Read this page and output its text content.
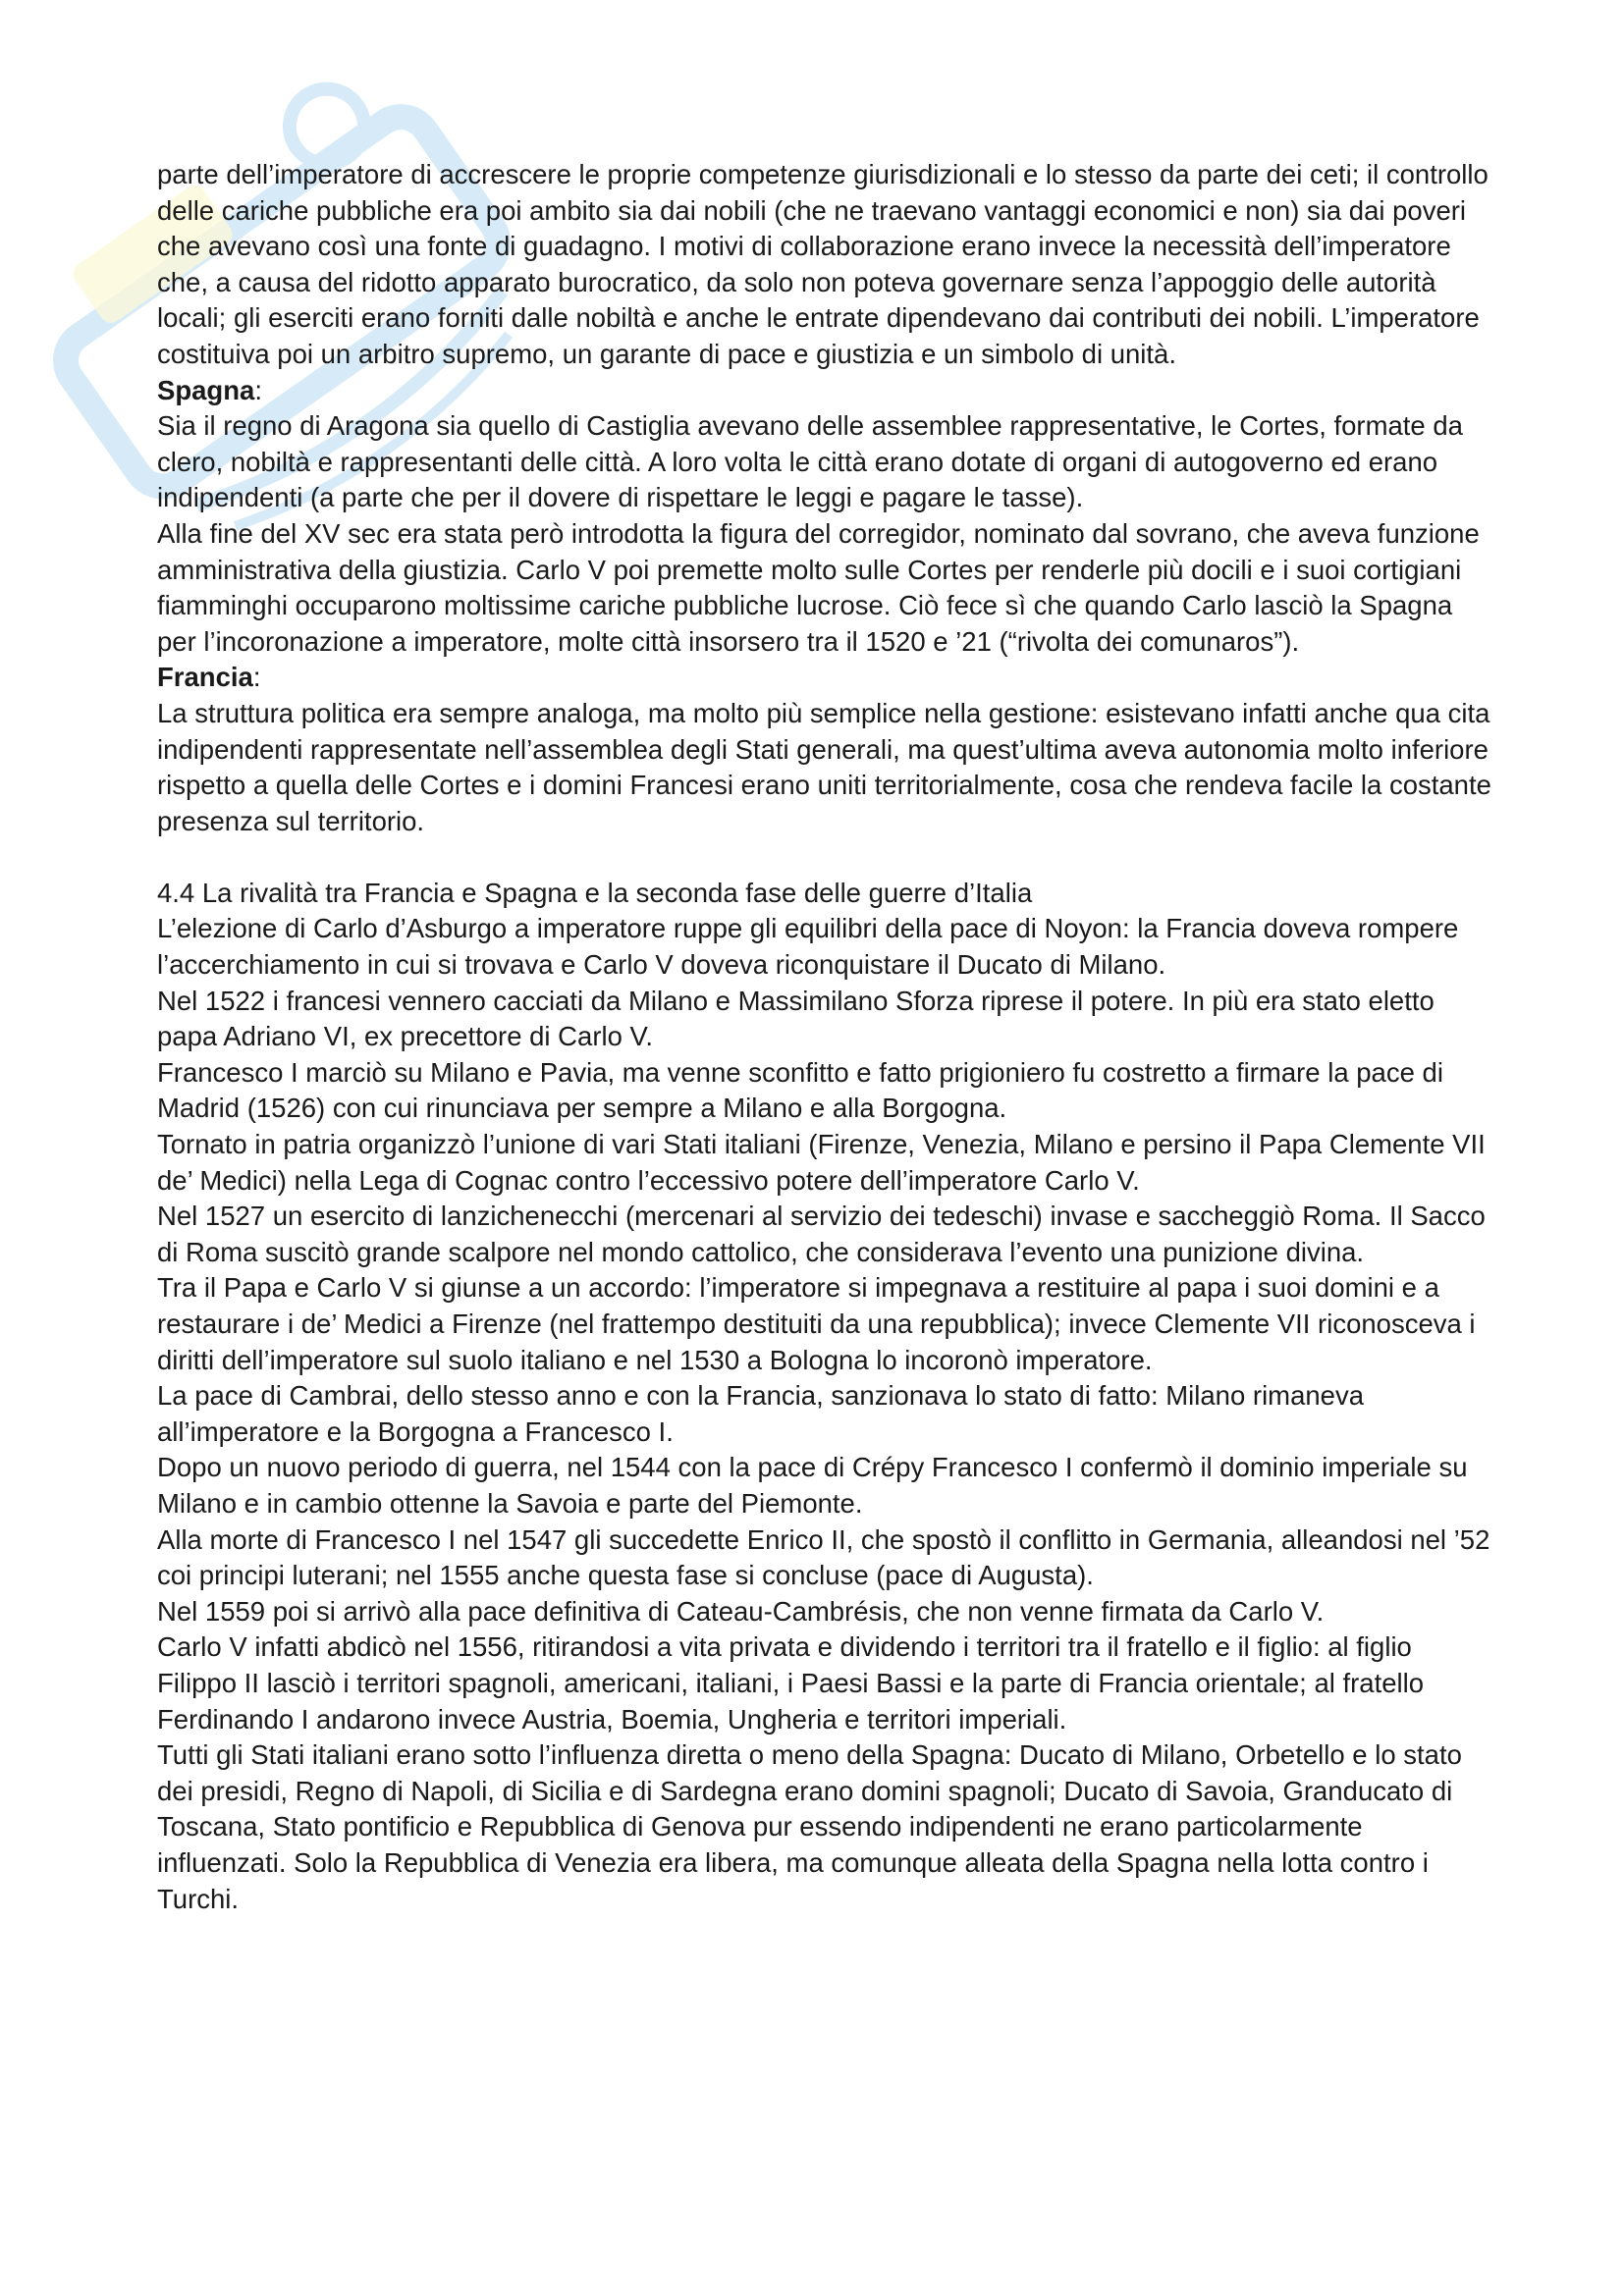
parte dell’imperatore di accrescere le proprie competenze giurisdizionali e lo stesso da parte dei ceti; il controllo delle cariche pubbliche era poi ambito sia dai nobili (che ne traevano vantaggi economici e non) sia dai poveri che avevano così una fonte di guadagno. I motivi di collaborazione erano invece la necessità dell’imperatore che, a causa del ridotto apparato burocratico, da solo non poteva governare senza l’appoggio delle autorità locali; gli eserciti erano forniti dalle nobiltà e anche le entrate dipendevano dai contributi dei nobili. L’imperatore costituiva poi un arbitro supremo, un garante di pace e giustizia e un simbolo di unità.

Spagna:

Sia il regno di Aragona sia quello di Castiglia avevano delle assemblee rappresentative, le Cortes, formate da clero, nobiltà e rappresentanti delle città. A loro volta le città erano dotate di organi di autogoverno ed erano indipendenti (a parte che per il dovere di rispettare le leggi e pagare le tasse).

Alla fine del XV sec era stata però introdotta la figura del corregidor, nominato dal sovrano, che aveva funzione amministrativa della giustizia. Carlo V poi premette molto sulle Cortes per renderle più docili e i suoi cortigiani fiamminghi occuparono moltissime cariche pubbliche lucrose. Ciò fece sì che quando Carlo lasciò la Spagna per l’incoronazione a imperatore, molte città insorsero tra il 1520 e ’21 (“rivolta dei comunaros”).

Francia:

La struttura politica era sempre analoga, ma molto più semplice nella gestione: esistevano infatti anche qua cita indipendenti rappresentate nell’assemblea degli Stati generali, ma quest’ultima aveva autonomia molto inferiore rispetto a quella delle Cortes e i domini Francesi erano uniti territorialmente, cosa che rendeva facile la costante presenza sul territorio.

4.4 La rivalità tra Francia e Spagna e la seconda fase delle guerre d’Italia

L’elezione di Carlo d’Asburgo a imperatore ruppe gli equilibri della pace di Noyon: la Francia doveva rompere l’accerchiamento in cui si trovava e Carlo V doveva riconquistare il Ducato di Milano.

Nel 1522 i francesi vennero cacciati da Milano e Massimilano Sforza riprese il potere. In più era stato eletto papa Adriano VI, ex precettore di Carlo V.

Francesco I marciò su Milano e Pavia, ma venne sconfitto e fatto prigioniero fu costretto a firmare la pace di Madrid (1526) con cui rinunciava per sempre a Milano e alla Borgogna.

Tornato in patria organizzò l’unione di vari Stati italiani (Firenze, Venezia, Milano e persino il Papa Clemente VII de’ Medici) nella Lega di Cognac contro l’eccessivo potere dell’imperatore Carlo V.

Nel 1527 un esercito di lanzichenecchi (mercenari al servizio dei tedeschi) invase e saccheggiò Roma. Il Sacco di Roma suscitò grande scalpore nel mondo cattolico, che considerava l’evento una punizione divina.

Tra il Papa e Carlo V si giunse a un accordo: l’imperatore si impegnava a restituire al papa i suoi domini e a restaurare i de’ Medici a Firenze (nel frattempo destituiti da una repubblica); invece Clemente VII riconosceva i diritti dell’imperatore sul suolo italiano e nel 1530 a Bologna lo incoronò imperatore.

La pace di Cambrai, dello stesso anno e con la Francia, sanzionava lo stato di fatto: Milano rimaneva all’imperatore e la Borgogna a Francesco I.

Dopo un nuovo periodo di guerra, nel 1544 con la pace di Crépy Francesco I confermò il dominio imperiale su Milano e in cambio ottenne la Savoia e parte del Piemonte.

Alla morte di Francesco I nel 1547 gli succedette Enrico II, che spostò il conflitto in Germania, alleandosi nel ’52 coi principi luterani; nel 1555 anche questa fase si concluse (pace di Augusta).

Nel 1559 poi si arrivò alla pace definitiva di Cateau-Cambrésis, che non venne firmata da Carlo V.

Carlo V infatti abdicò nel 1556, ritirandosi a vita privata e dividendo i territori tra il fratello e il figlio: al figlio Filippo II lasciò i territori spagnoli, americani, italiani, i Paesi Bassi e la parte di Francia orientale; al fratello Ferdinando I andarono invece Austria, Boemia, Ungheria e territori imperiali.

Tutti gli Stati italiani erano sotto l’influenza diretta o meno della Spagna: Ducato di Milano, Orbetello e lo stato dei presidi, Regno di Napoli, di Sicilia e di Sardegna erano domini spagnoli; Ducato di Savoia, Granducato di Toscana, Stato pontificio e Repubblica di Genova pur essendo indipendenti ne erano particolarmente influenzati. Solo la Repubblica di Venezia era libera, ma comunque alleata della Spagna nella lotta contro i Turchi.
